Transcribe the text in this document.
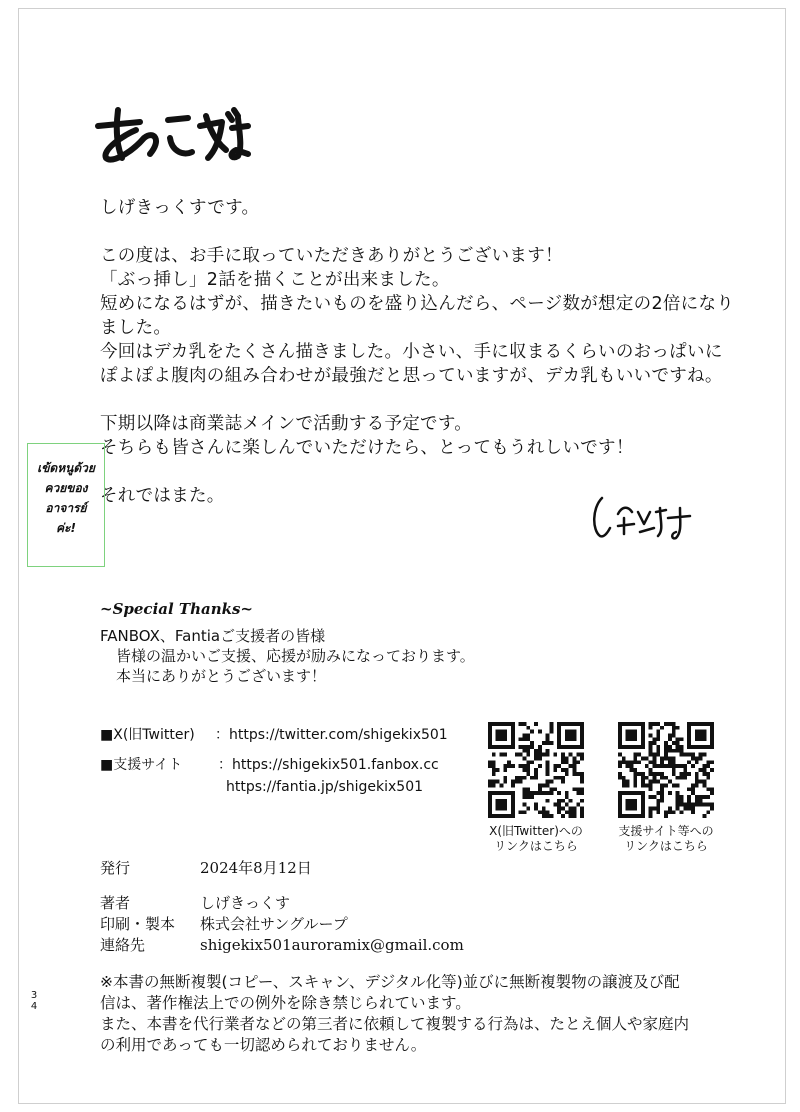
しげきっくすです。

この度は、お手に取っていただきありがとうございます！

「ぶっ挿し」2話を描くことが出来ました。

短めになるはずが、描きたいものを盛り込んだら、ページ数が想定の2倍になり

ました。

今回はデカ乳をたくさん描きました。小さい、手に収まるくらいのおっぱいに

ぽよぽよ腹肉の組み合わせが最強だと思っていますが、デカ乳もいいですね。

下期以降は商業誌メインで活動する予定です。

そちらも皆さんに楽しんでいただけたら、とってもうれしいです！

それではまた。

เข้ดหนูด้วย
ควยของ
อาจารย์
ค่ะ!
~Special Thanks~
FANBOX、Fantiaご支援者の皆様
皆様の温かいご支援、応援が励みになっております。
本当にありがとうございます！
■X(旧Twitter)	：https://twitter.com/shigekix501
■支援サイト	：https://shigekix501.fanbox.cc
https://fantia.jp/shigekix501
X(旧Twitter)への
リンクはこちら
支援サイト等への
リンクはこちら
発行	2024年8月12日
著者	しげきっくす
印刷・製本	株式会社サングループ
連絡先	shigekix501auroramix@gmail.com

※本書の無断複製(コピー、スキャン、デジタル化等)並びに無断複製物の譲渡及び配

信は、著作権法上での例外を除き禁じられています。

また、本書を代行業者などの第三者に依頼して複製する行為は、たとえ個人や家庭内

の利用であっても一切認められておりません。

3
4
